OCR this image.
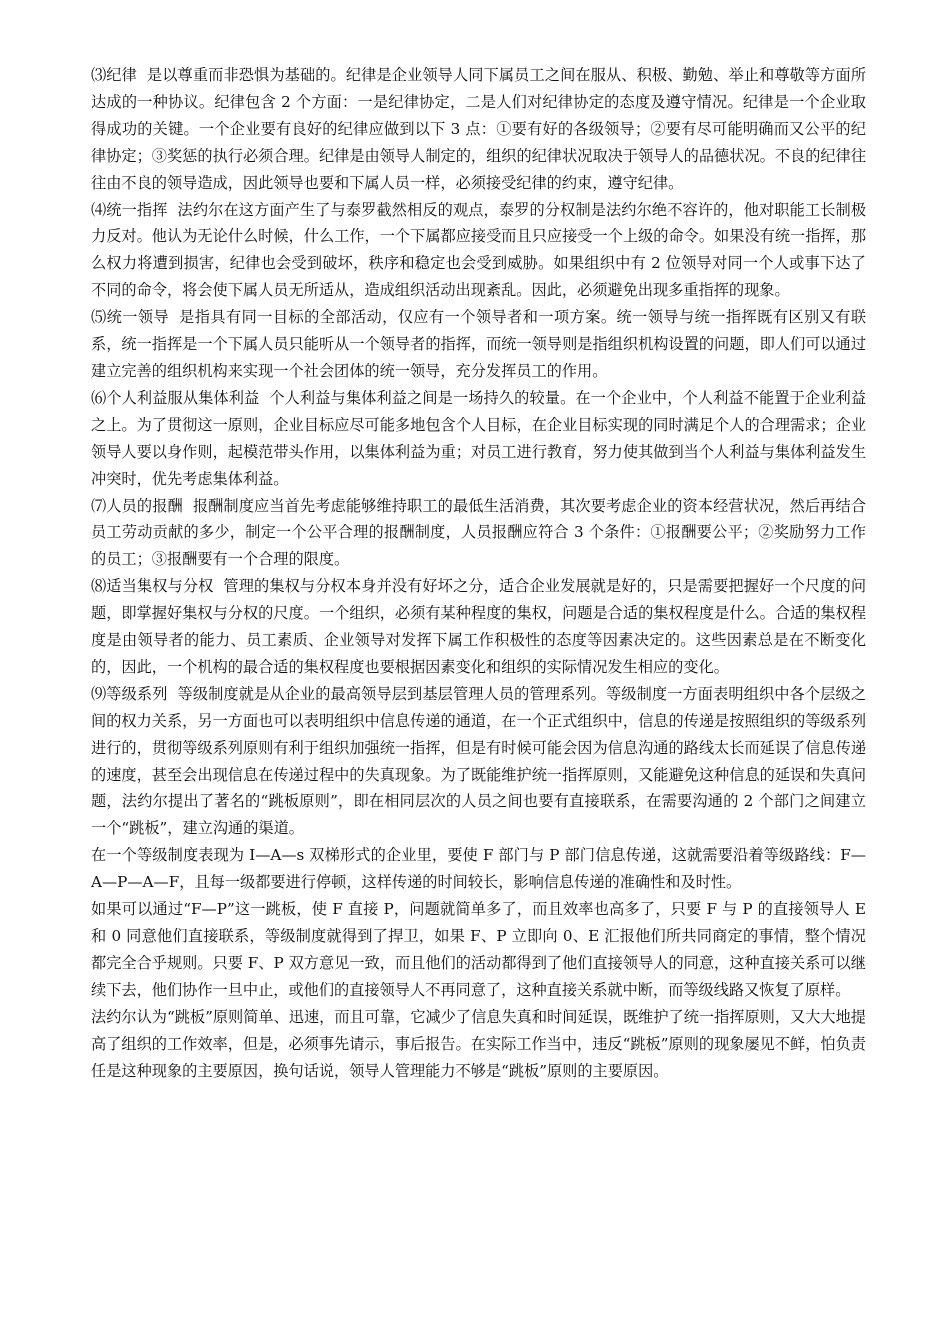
⑶纪律 是以尊重而非恐惧为基础的。纪律是企业领导人同下属员工之间在服从、积极、勤勉、举止和尊敬等方面所达成的一种协议。纪律包含 2 个方面：一是纪律协定，二是人们对纪律协定的态度及遵守情况。纪律是一个企业取得成功的关键。一个企业要有良好的纪律应做到以下 3 点：①要有好的各级领导；②要有尽可能明确而又公平的纪律协定；③奖惩的执行必须合理。纪律是由领导人制定的，组织的纪律状况取决于领导人的品德状况。不良的纪律往往由不良的领导造成，因此领导也要和下属人员一样，必须接受纪律的约束，遵守纪律。

⑷统一指挥 法约尔在这方面产生了与泰罗截然相反的观点，泰罗的分权制是法约尔绝不容许的，他对职能工长制极力反对。他认为无论什么时候，什么工作，一个下属都应接受而且只应接受一个上级的命令。如果没有统一指挥，那么权力将遭到损害，纪律也会受到破坏，秩序和稳定也会受到威胁。如果组织中有 2 位领导对同一个人或事下达了不同的命令，将会使下属人员无所适从，造成组织活动出现紊乱。因此，必须避免出现多重指挥的现象。

⑸统一领导 是指具有同一目标的全部活动，仅应有一个领导者和一项方案。统一领导与统一指挥既有区别又有联系，统一指挥是一个下属人员只能听从一个领导者的指挥，而统一领导则是指组织机构设置的问题，即人们可以通过建立完善的组织机构来实现一个社会团体的统一领导，充分发挥员工的作用。

⑹个人利益服从集体利益 个人利益与集体利益之间是一场持久的较量。在一个企业中，个人利益不能置于企业利益之上。为了贯彻这一原则，企业目标应尽可能多地包含个人目标，在企业目标实现的同时满足个人的合理需求；企业领导人要以身作则，起模范带头作用，以集体利益为重；对员工进行教育，努力使其做到当个人利益与集体利益发生冲突时，优先考虑集体利益。

⑺人员的报酬 报酬制度应当首先考虑能够维持职工的最低生活消费，其次要考虑企业的资本经营状况，然后再结合员工劳动贡献的多少，制定一个公平合理的报酬制度，人员报酬应符合 3 个条件：①报酬要公平；②奖励努力工作的员工；③报酬要有一个合理的限度。

⑻适当集权与分权 管理的集权与分权本身并没有好坏之分，适合企业发展就是好的，只是需要把握好一个尺度的问题，即掌握好集权与分权的尺度。一个组织，必须有某种程度的集权，问题是合适的集权程度是什么。合适的集权程度是由领导者的能力、员工素质、企业领导对发挥下属工作积极性的态度等因素决定的。这些因素总是在不断变化的，因此，一个机构的最合适的集权程度也要根据因素变化和组织的实际情况发生相应的变化。

⑼等级系列 等级制度就是从企业的最高领导层到基层管理人员的管理系列。等级制度一方面表明组织中各个层级之间的权力关系，另一方面也可以表明组织中信息传递的通道，在一个正式组织中，信息的传递是按照组织的等级系列进行的，贯彻等级系列原则有利于组织加强统一指挥，但是有时候可能会因为信息沟通的路线太长而延误了信息传递的速度，甚至会出现信息在传递过程中的失真现象。为了既能维护统一指挥原则，又能避免这种信息的延误和失真问题，法约尔提出了著名的“跳板原则”，即在相同层次的人员之间也要有直接联系，在需要沟通的 2 个部门之间建立一个“跳板”，建立沟通的渠道。

在一个等级制度表现为 I—A—s 双梯形式的企业里，要使 F 部门与 P 部门信息传递，这就需要沿着等级路线：F—A—P—A—F，且每一级都要进行停顿，这样传递的时间较长，影响信息传递的准确性和及时性。

如果可以通过“F—P”这一跳板，使 F 直接 P，问题就简单多了，而且效率也高多了，只要 F 与 P 的直接领导人 E 和 0 同意他们直接联系，等级制度就得到了捍卫，如果 F、P 立即向 0、E 汇报他们所共同商定的事情，整个情况都完全合乎规则。只要 F、P 双方意见一致，而且他们的活动都得到了他们直接领导人的同意，这种直接关系可以继续下去，他们协作一旦中止，或他们的直接领导人不再同意了，这种直接关系就中断，而等级线路又恢复了原样。

法约尔认为“跳板”原则简单、迅速，而且可靠，它减少了信息失真和时间延误，既维护了统一指挥原则，又大大地提高了组织的工作效率，但是，必须事先请示，事后报告。在实际工作当中，违反“跳板”原则的现象屡见不鲜，怕负责任是这种现象的主要原因，换句话说，领导人管理能力不够是“跳板”原则的主要原因。
